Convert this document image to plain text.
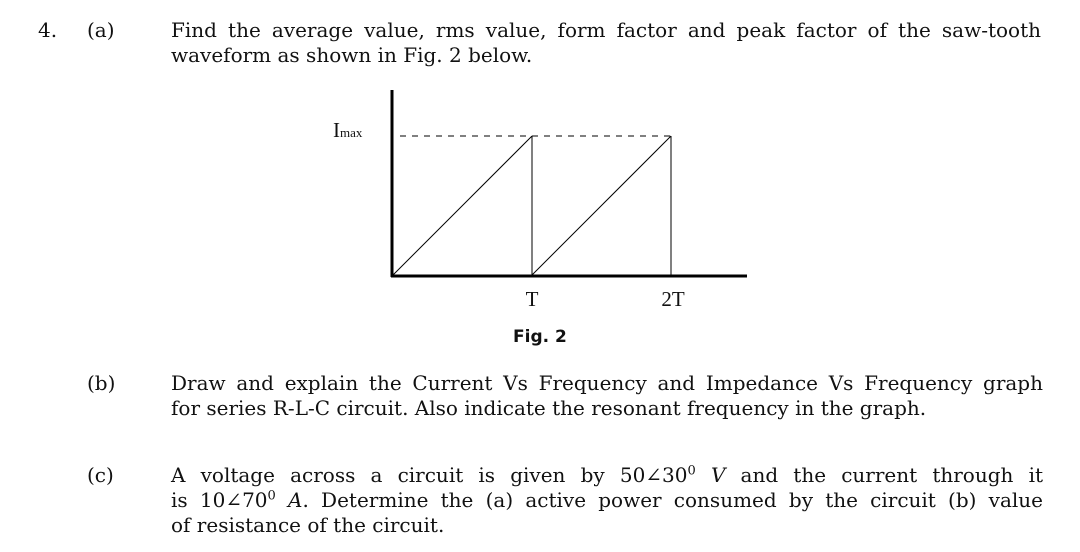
4. (a)	Find the average value, rms value, form factor and peak factor of the saw-tooth
waveform as shown in Fig. 2 below.
Imax
T	2T
Fig. 2
(b)	Draw and explain the Current Vs Frequency and Impedance Vs Frequency graph
for series R-L-C circuit. Also indicate the resonant frequency in the graph.
(c)	A voltage across a circuit is given by $50\angle 30^0$ V and the current through it
is $10\angle 70^0$ A. Determine the (a) active power consumed by the circuit (b) value
of resistance of the circuit.
